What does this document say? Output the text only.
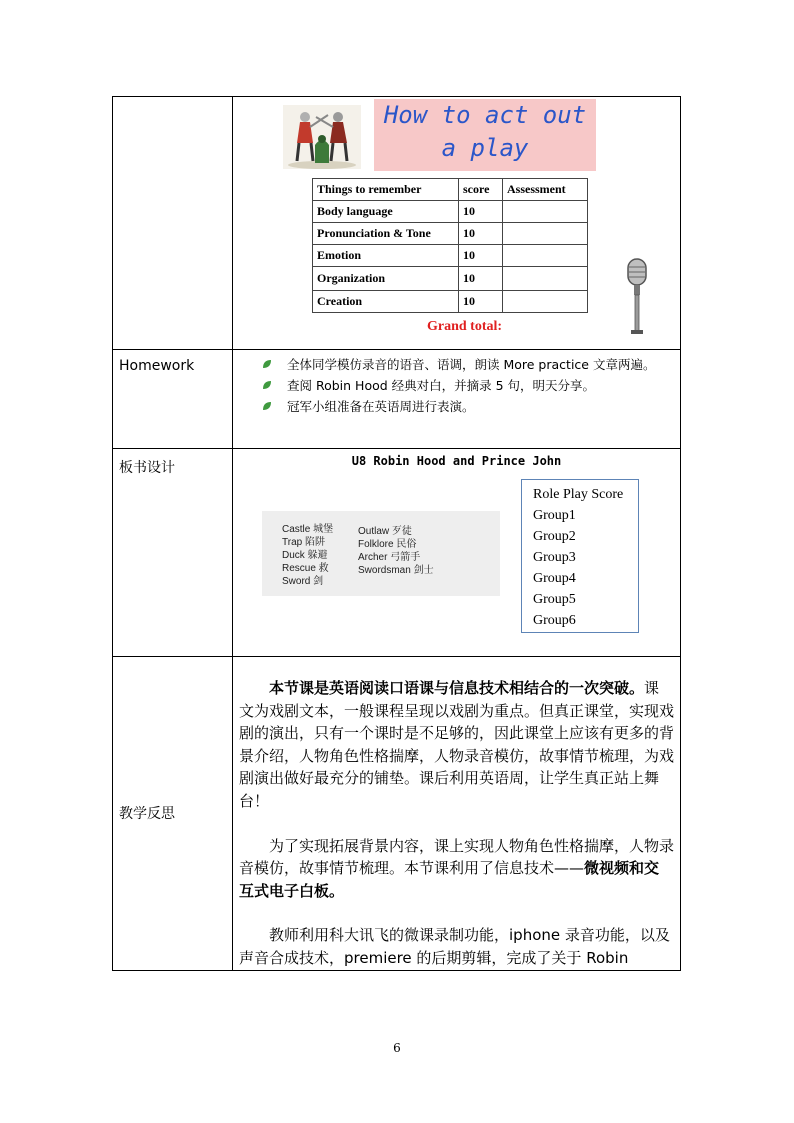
How to act out
a play
Things to remember	score	Assessment
Body language	10	
Pronunciation & Tone	10	
Emotion	10	
Organization	10	
Creation	10	
Grand total:

Homework	全体同学模仿录音的语音、语调，朗读 More practice 文章两遍。
查阅 Robin Hood 经典对白，并摘录 5 句，明天分享。
冠军小组准备在英语周进行表演。

板书设计	U8 Robin Hood and Prince John
Castle 城堡
Trap 陷阱
Duck 躲避
Rescue 救
Sword 剑
Outlaw 歹徒
Folklore 民俗
Archer 弓箭手
Swordsman 剑士
Role Play Score
Group1
Group2
Group3
Group4
Group5
Group6

教学反思

本节课是英语阅读口语课与信息技术相结合的一次突破。课文为戏剧文本，一般课程呈现以戏剧为重点。但真正课堂，实现戏剧的演出，只有一个课时是不足够的，因此课堂上应该有更多的背景介绍，人物角色性格揣摩，人物录音模仿，故事情节梳理，为戏剧演出做好最充分的铺垫。课后利用英语周，让学生真正站上舞台！

为了实现拓展背景内容，课上实现人物角色性格揣摩，人物录音模仿，故事情节梳理。本节课利用了信息技术——微视频和交互式电子白板。

教师利用科大讯飞的微课录制功能，iphone 录音功能，以及声音合成技术，premiere 的后期剪辑，完成了关于 Robin

6
